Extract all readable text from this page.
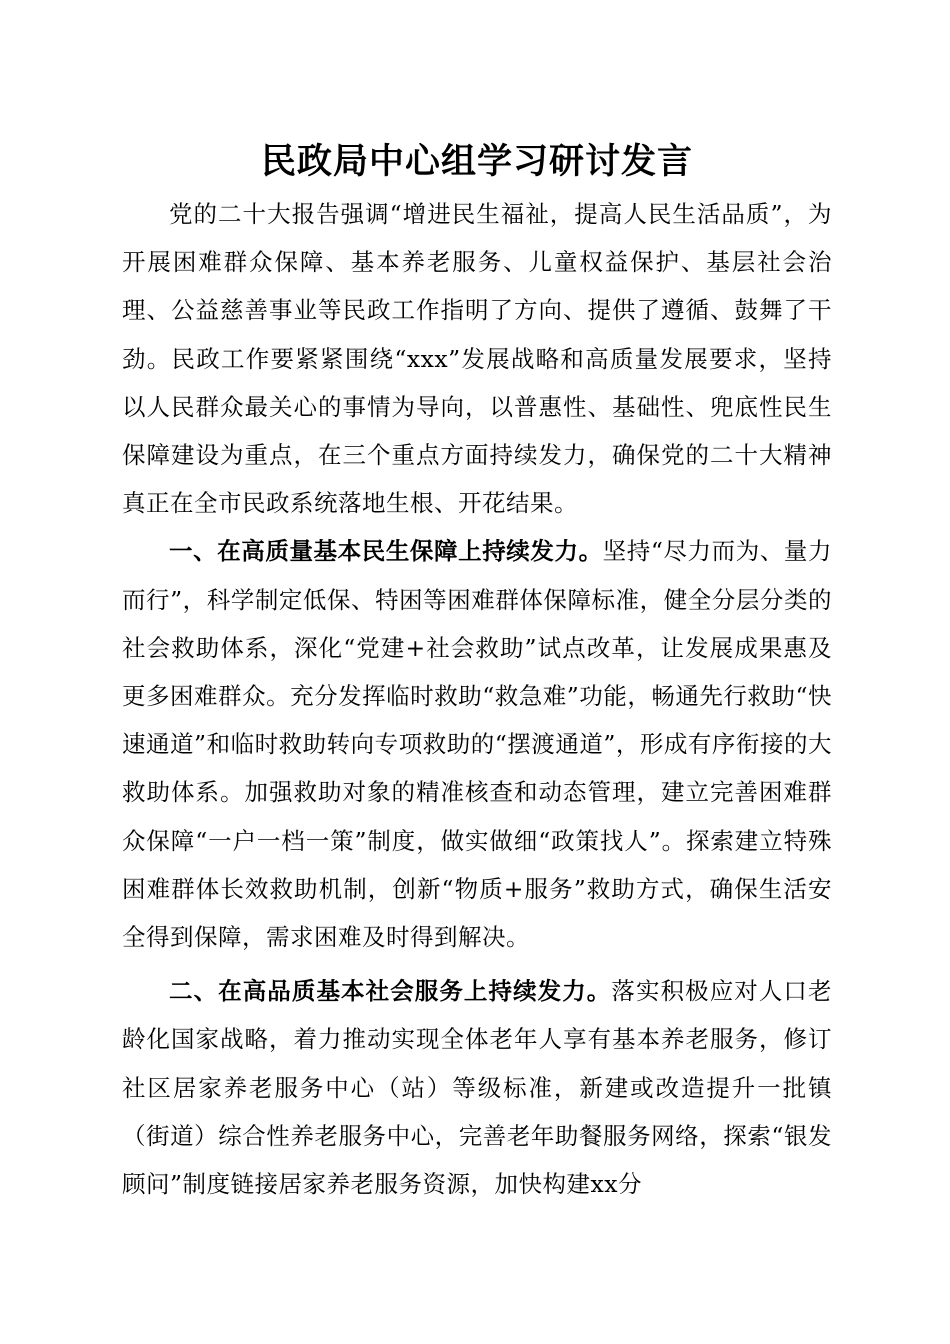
民政局中心组学习研讨发言

党的二十大报告强调“增进民生福祉，提高人民生活品质”，为开展困难群众保障、基本养老服务、儿童权益保护、基层社会治理、公益慈善事业等民政工作指明了方向、提供了遵循、鼓舞了干劲。民政工作要紧紧围绕“xxx”发展战略和高质量发展要求，坚持以人民群众最关心的事情为导向，以普惠性、基础性、兜底性民生保障建设为重点，在三个重点方面持续发力，确保党的二十大精神真正在全市民政系统落地生根、开花结果。

一、在高质量基本民生保障上持续发力。坚持“尽力而为、量力而行”，科学制定低保、特困等困难群体保障标准，健全分层分类的社会救助体系，深化“党建+社会救助”试点改革，让发展成果惠及更多困难群众。充分发挥临时救助“救急难”功能，畅通先行救助“快速通道”和临时救助转向专项救助的“摆渡通道”，形成有序衔接的大救助体系。加强救助对象的精准核查和动态管理，建立完善困难群众保障“一户一档一策”制度，做实做细“政策找人”。探索建立特殊困难群体长效救助机制，创新“物质+服务”救助方式，确保生活安全得到保障，需求困难及时得到解决。

二、在高品质基本社会服务上持续发力。落实积极应对人口老龄化国家战略，着力推动实现全体老年人享有基本养老服务，修订社区居家养老服务中心（站）等级标准，新建或改造提升一批镇（街道）综合性养老服务中心，完善老年助餐服务网络，探索“银发顾问”制度链接居家养老服务资源，加快构建xx分
